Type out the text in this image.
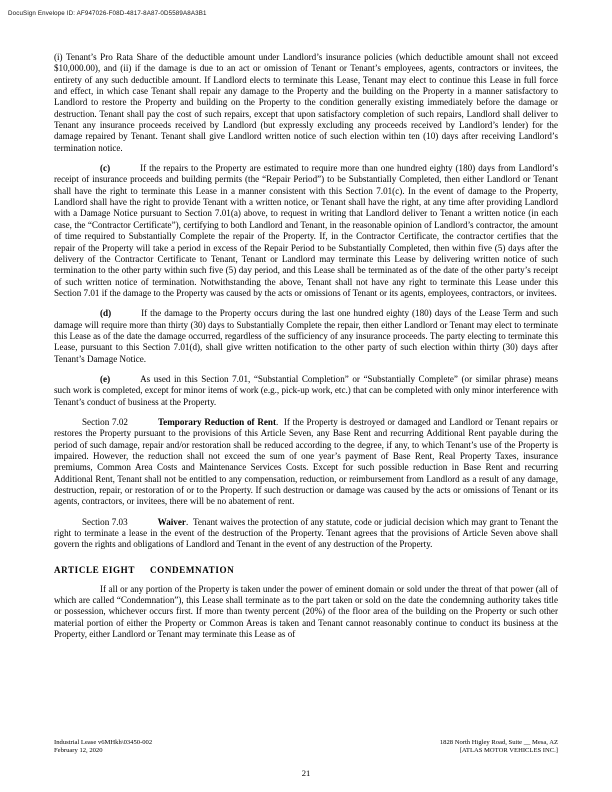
DocuSign Envelope ID: AF947026-F08D-4817-8A87-0D5589A8A3B1

(i) Tenant’s Pro Rata Share of the deductible amount under Landlord’s insurance policies (which deductible amount shall not exceed $10,000.00), and (ii) if the damage is due to an act or omission of Tenant or Tenant’s employees, agents, contractors or invitees, the entirety of any such deductible amount. If Landlord elects to terminate this Lease, Tenant may elect to continue this Lease in full force and effect, in which case Tenant shall repair any damage to the Property and the building on the Property in a manner satisfactory to Landlord to restore the Property and building on the Property to the condition generally existing immediately before the damage or destruction. Tenant shall pay the cost of such repairs, except that upon satisfactory completion of such repairs, Landlord shall deliver to Tenant any insurance proceeds received by Landlord (but expressly excluding any proceeds received by Landlord’s lender) for the damage repaired by Tenant. Tenant shall give Landlord written notice of such election within ten (10) days after receiving Landlord’s termination notice.

(c)	If the repairs to the Property are estimated to require more than one hundred eighty (180) days from Landlord’s receipt of insurance proceeds and building permits (the “Repair Period”) to be Substantially Completed, then either Landlord or Tenant shall have the right to terminate this Lease in a manner consistent with this Section 7.01(c). In the event of damage to the Property, Landlord shall have the right to provide Tenant with a written notice, or Tenant shall have the right, at any time after providing Landlord with a Damage Notice pursuant to Section 7.01(a) above, to request in writing that Landlord deliver to Tenant a written notice (in each case, the “Contractor Certificate”), certifying to both Landlord and Tenant, in the reasonable opinion of Landlord’s contractor, the amount of time required to Substantially Complete the repair of the Property. If, in the Contractor Certificate, the contractor certifies that the repair of the Property will take a period in excess of the Repair Period to be Substantially Completed, then within five (5) days after the delivery of the Contractor Certificate to Tenant, Tenant or Landlord may terminate this Lease by delivering written notice of such termination to the other party within such five (5) day period, and this Lease shall be terminated as of the date of the other party’s receipt of such written notice of termination. Notwithstanding the above, Tenant shall not have any right to terminate this Lease under this Section 7.01 if the damage to the Property was caused by the acts or omissions of Tenant or its agents, employees, contractors, or invitees.

(d)	If the damage to the Property occurs during the last one hundred eighty (180) days of the Lease Term and such damage will require more than thirty (30) days to Substantially Complete the repair, then either Landlord or Tenant may elect to terminate this Lease as of the date the damage occurred, regardless of the sufficiency of any insurance proceeds. The party electing to terminate this Lease, pursuant to this Section 7.01(d), shall give written notification to the other party of such election within thirty (30) days after Tenant’s Damage Notice.

(e)	As used in this Section 7.01, “Substantial Completion” or “Substantially Complete” (or similar phrase) means such work is completed, except for minor items of work (e.g., pick-up work, etc.) that can be completed with only minor interference with Tenant’s conduct of business at the Property.

Section 7.02	Temporary Reduction of Rent.  If the Property is destroyed or damaged and Landlord or Tenant repairs or restores the Property pursuant to the provisions of this Article Seven, any Base Rent and recurring Additional Rent payable during the period of such damage, repair and/or restoration shall be reduced according to the degree, if any, to which Tenant’s use of the Property is impaired. However, the reduction shall not exceed the sum of one year’s payment of Base Rent, Real Property Taxes, insurance premiums, Common Area Costs and Maintenance Services Costs. Except for such possible reduction in Base Rent and recurring Additional Rent, Tenant shall not be entitled to any compensation, reduction, or reimbursement from Landlord as a result of any damage, destruction, repair, or restoration of or to the Property. If such destruction or damage was caused by the acts or omissions of Tenant or its agents, contractors, or invitees, there will be no abatement of rent.

Section 7.03	Waiver.  Tenant waives the protection of any statute, code or judicial decision which may grant to Tenant the right to terminate a lease in the event of the destruction of the Property. Tenant agrees that the provisions of Article Seven above shall govern the rights and obligations of Landlord and Tenant in the event of any destruction of the Property.

ARTICLE EIGHT CONDEMNATION

If all or any portion of the Property is taken under the power of eminent domain or sold under the threat of that power (all of which are called “Condemnation”), this Lease shall terminate as to the part taken or sold on the date the condemning authority takes title or possession, whichever occurs first. If more than twenty percent (20%) of the floor area of the building on the Property or such other material portion of either the Property or Common Areas is taken and Tenant cannot reasonably continue to conduct its business at the Property, either Landlord or Tenant may terminate this Lease as of

Industrial Lease v6MHkh\03450-002
February 12, 2020
1828 North Higley Road, Suite __ Mesa, AZ
[ATLAS MOTOR VEHICLES INC.]
21
